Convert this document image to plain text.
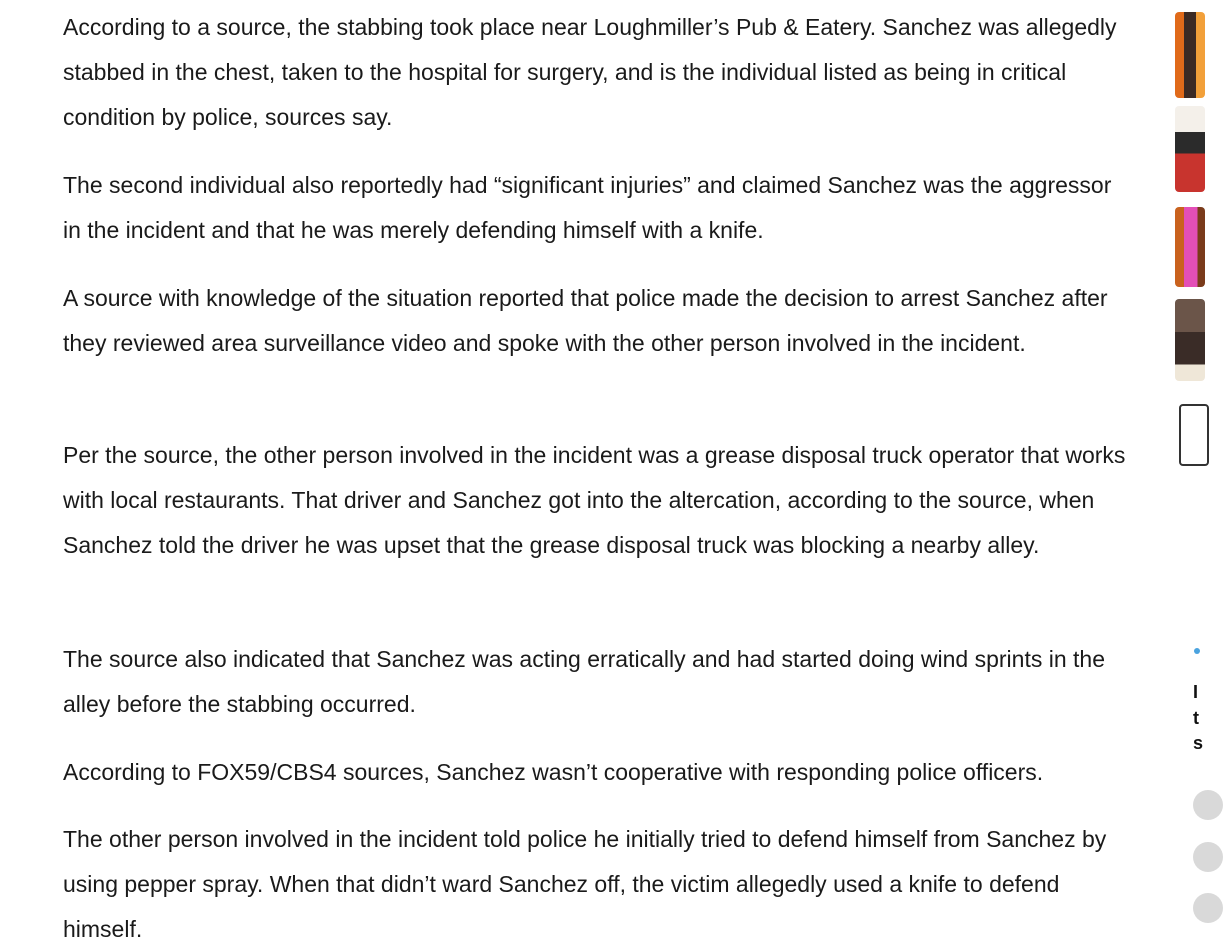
According to a source, the stabbing took place near Loughmiller’s Pub & Eatery. Sanchez was allegedly stabbed in the chest, taken to the hospital for surgery, and is the individual listed as being in critical condition by police, sources say.

The second individual also reportedly had “significant injuries” and claimed Sanchez was the aggressor in the incident and that he was merely defending himself with a knife.

A source with knowledge of the situation reported that police made the decision to arrest Sanchez after they reviewed area surveillance video and spoke with the other person involved in the incident.

Per the source, the other person involved in the incident was a grease disposal truck operator that works with local restaurants. That driver and Sanchez got into the altercation, according to the source, when Sanchez told the driver he was upset that the grease disposal truck was blocking a nearby alley.

The source also indicated that Sanchez was acting erratically and had started doing wind sprints in the alley before the stabbing occurred.

According to FOX59/CBS4 sources, Sanchez wasn’t cooperative with responding police officers.

The other person involved in the incident told police he initially tried to defend himself from Sanchez by using pepper spray. When that didn’t ward Sanchez off, the victim allegedly used a knife to defend himself.

I
t
s
